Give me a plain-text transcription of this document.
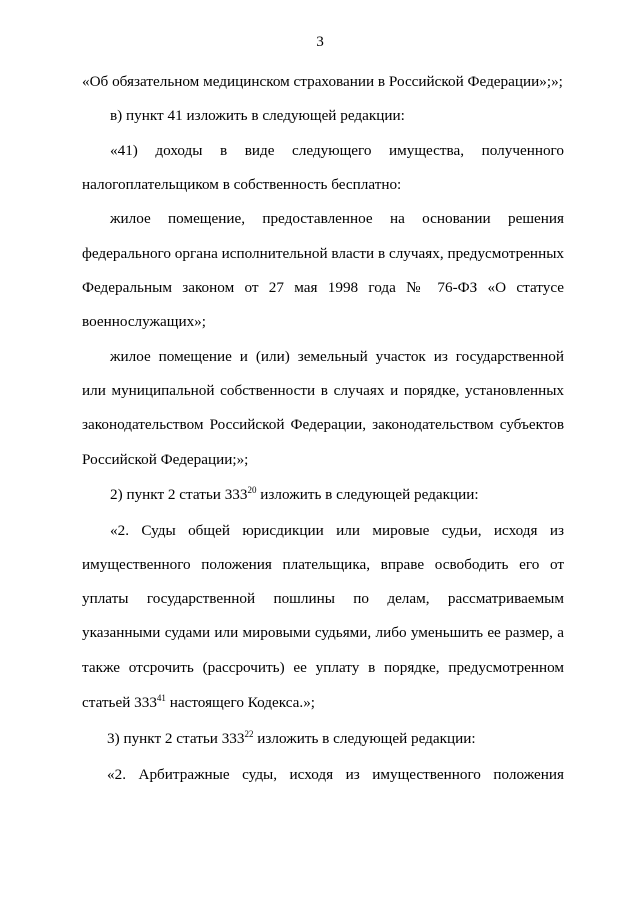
3
«Об обязательном медицинском страховании в Российской Федерации»;»;
в) пункт 41 изложить в следующей редакции:
«41) доходы в виде следующего имущества, полученного
налогоплательщиком в собственность бесплатно:
жилое помещение, предоставленное на основании решения
федерального органа исполнительной власти в случаях, предусмотренных
Федеральным законом от 27 мая 1998 года № 76-ФЗ «О статусе
военнослужащих»;
жилое помещение и (или) земельный участок из государственной
или муниципальной собственности в случаях и порядке, установленных
законодательством Российской Федерации, законодательством субъектов
Российской Федерации;»;
2) пункт 2 статьи $333^{20}$ изложить в следующей редакции:
«2. Суды общей юрисдикции или мировые судьи, исходя из
имущественного положения плательщика, вправе освободить его от
уплаты государственной пошлины по делам, рассматриваемым
указанными судами или мировыми судьями, либо уменьшить ее размер, а
также отсрочить (рассрочить) ее уплату в порядке, предусмотренном
статьей $333^{41}$ настоящего Кодекса.»;
3) пункт 2 статьи $333^{22}$ изложить в следующей редакции:
«2. Арбитражные суды, исходя из имущественного положения
